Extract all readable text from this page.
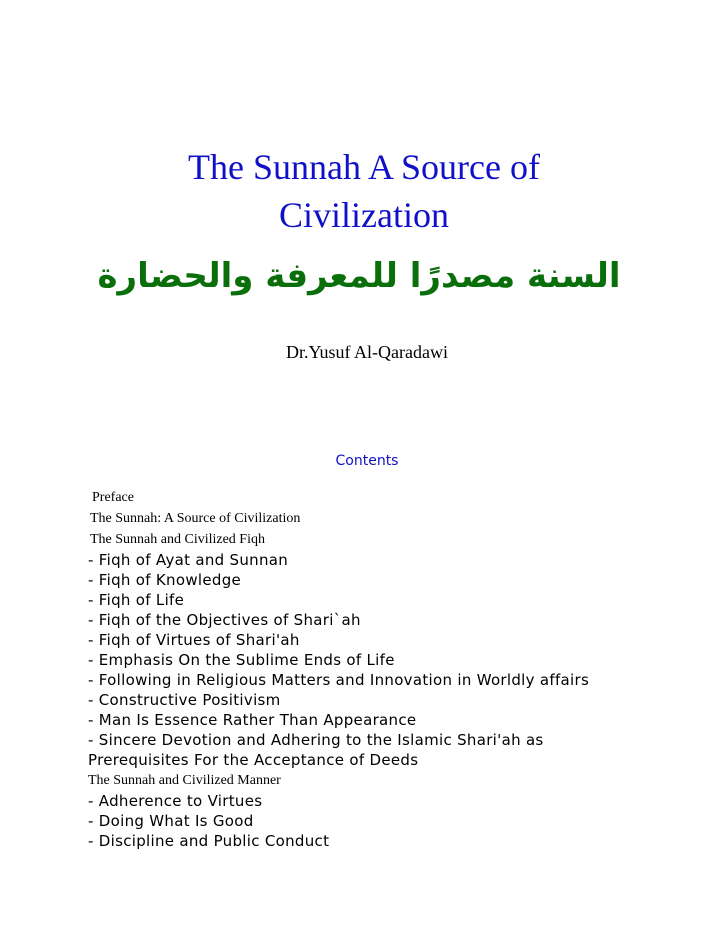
The Sunnah A Source of
Civilization
السنة مصدرًا للمعرفة والحضارة
Dr.Yusuf Al-Qaradawi
Contents
Preface
The Sunnah: A Source of Civilization
The Sunnah and Civilized Fiqh
- Fiqh of Ayat and Sunnan
- Fiqh of Knowledge
- Fiqh of Life
- Fiqh of the Objectives of Shari`ah
- Fiqh of Virtues of Shari'ah
- Emphasis On the Sublime Ends of Life
- Following in Religious Matters and Innovation in Worldly affairs
- Constructive Positivism
- Man Is Essence Rather Than Appearance
- Sincere Devotion and Adhering to the Islamic Shari'ah as Prerequisites For the Acceptance of Deeds
The Sunnah and Civilized Manner
- Adherence to Virtues
- Doing What Is Good
- Discipline and Public Conduct
